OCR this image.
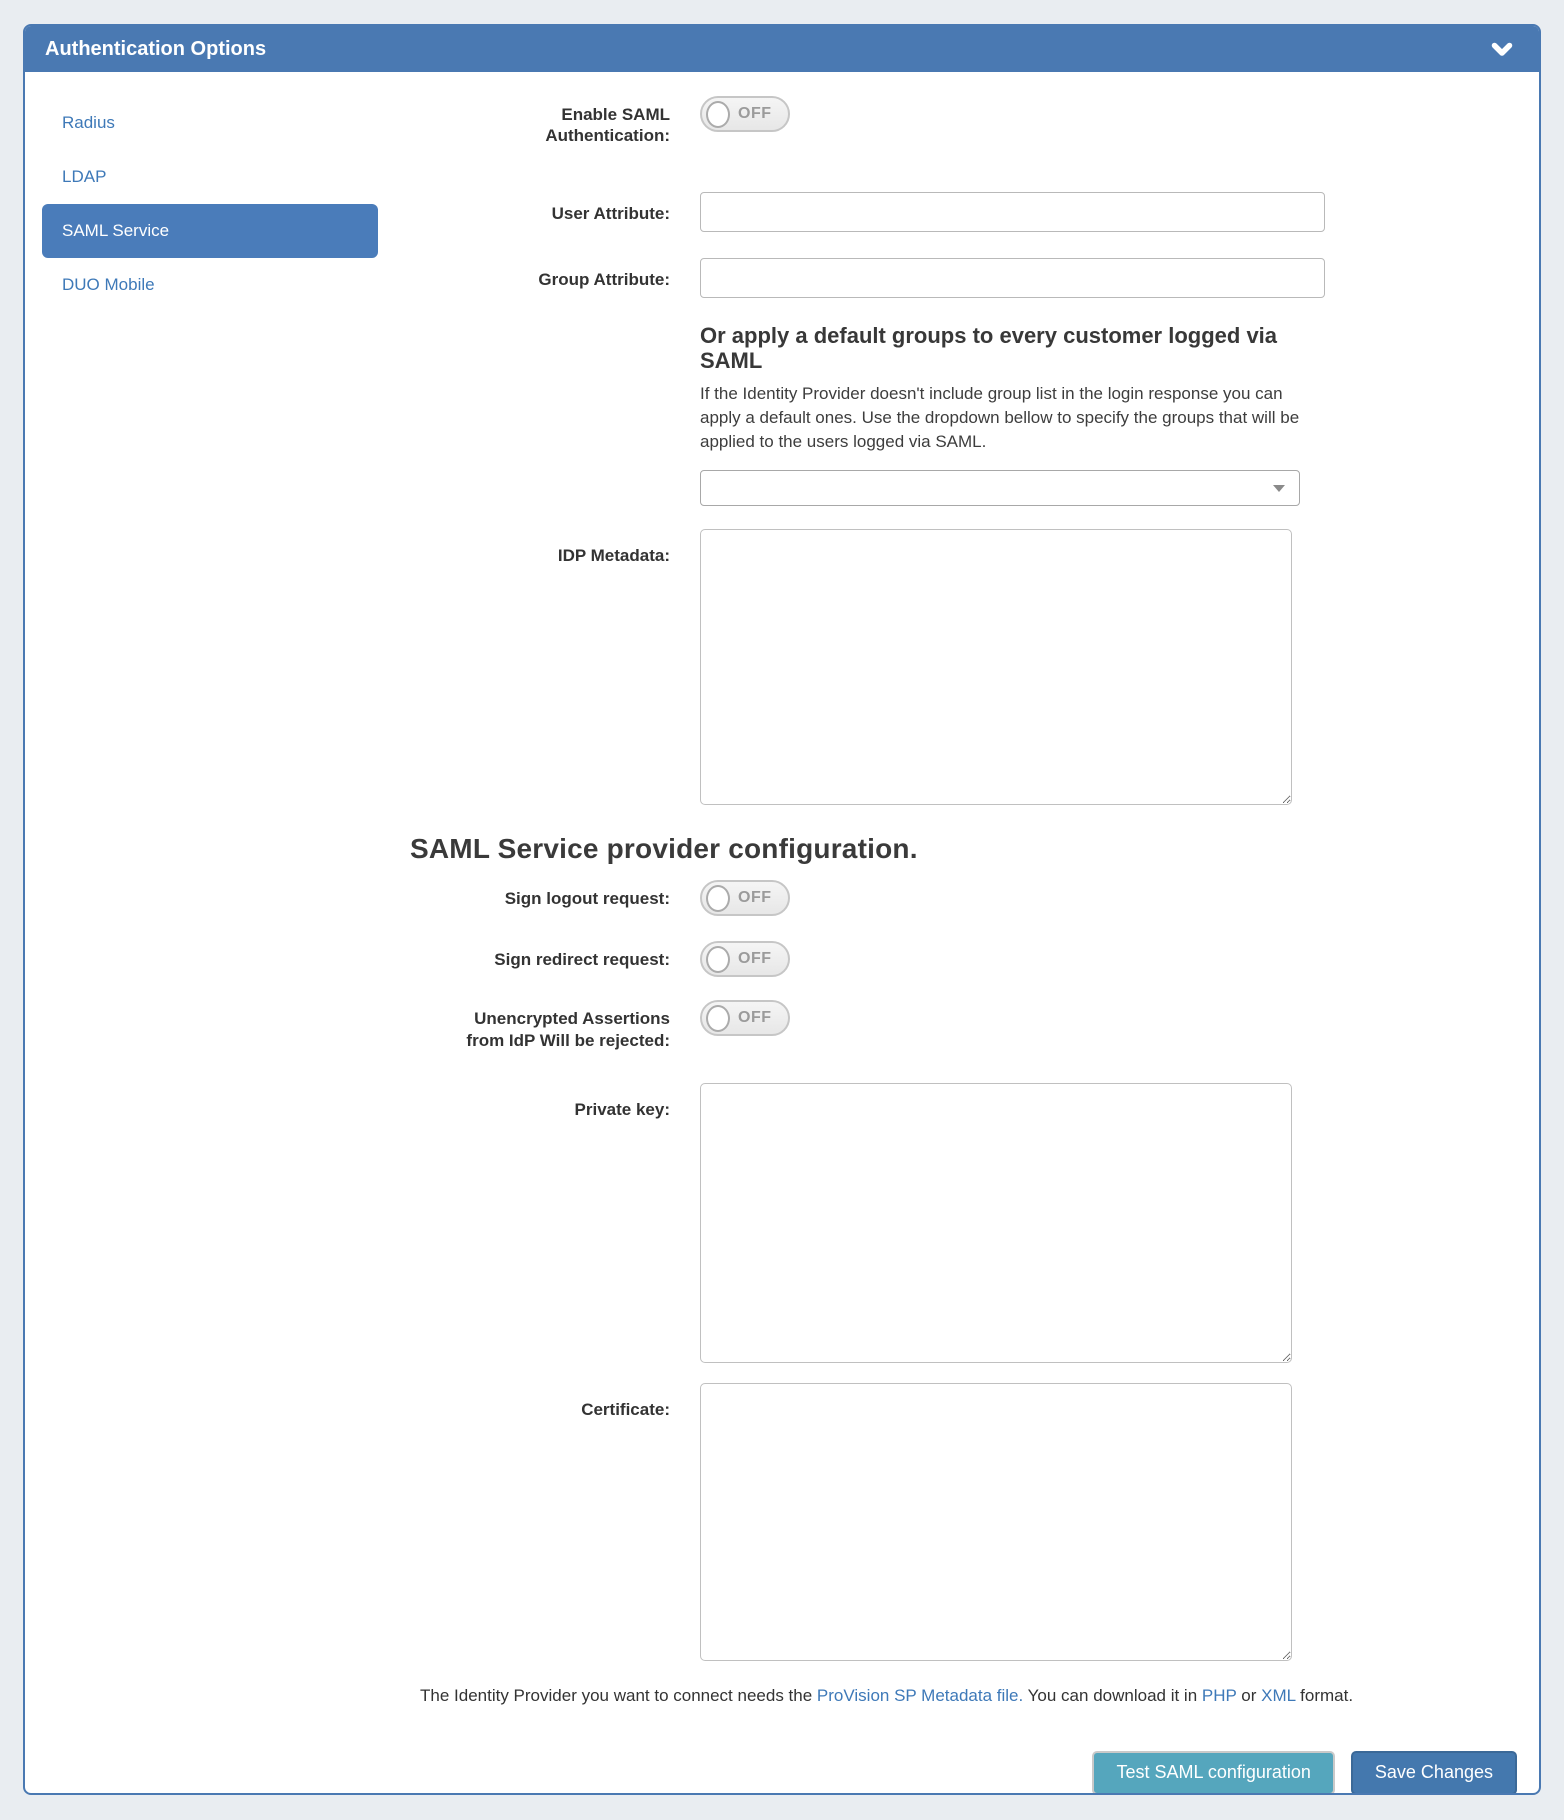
Authentication Options
Radius
LDAP
SAML Service
DUO Mobile
Enable SAML Authentication:
OFF
User Attribute:
Group Attribute:
Or apply a default groups to every customer logged via SAML

If the Identity Provider doesn't include group list in the login response you can apply a default ones. Use the dropdown bellow to specify the groups that will be applied to the users logged via SAML.

IDP Metadata:
SAML Service provider configuration.
Sign logout request:	OFF
Sign redirect request:	OFF
Unencrypted Assertions from IdP Will be rejected:
OFF
Private key:
Certificate:

The Identity Provider you want to connect needs the ProVision SP Metadata file. You can download it in PHP or XML format.

Test SAML configuration	Save Changes
